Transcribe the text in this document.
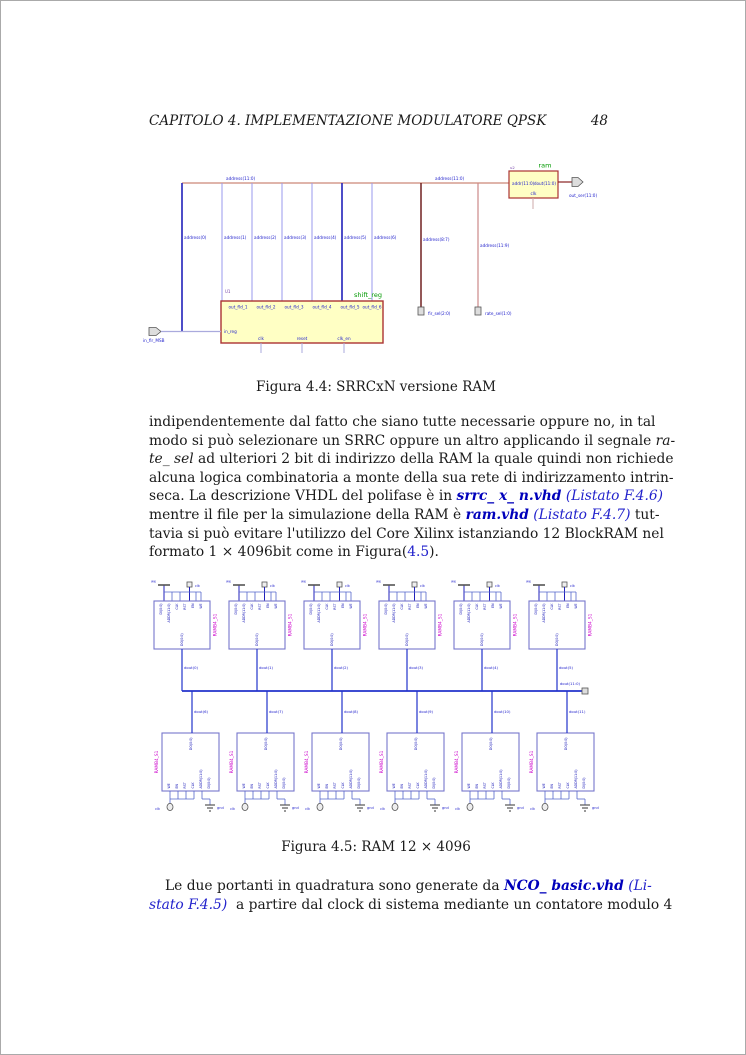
CAPITOLO 4. IMPLEMENTAZIONE MODULATORE QPSK	48
address(11:0)	address(11:0)
address(0)	address(1) address(2) address(3) address(4) address(5) address(6)	address(8:7)
address(11:9)
fir_sel(2:0)	rate_sel(1:0)
ram
u2
addr(11:0) dout(11:0)
clk	out_ser(11:0)
shift_reg
U1
out_fld_1 out_fld_2 out_fld_3 out_fld_4 out_fld_5 out_fld_6
in_reg
clk	reset	clk_en
in_fir_MSB
Figura 4.4: SRRCxN versione RAM
indipendentemente dal fatto che siano tutte necessarie oppure no, in tal
modo si può selezionare un SRRC oppure un altro applicando il segnale ra-
te_ sel ad ulteriori 2 bit di indirizzo della RAM la quale quindi non richiede
alcuna logica combinatoria a monte della sua rete di indirizzamento intrin-
seca. La descrizione VHDL del polifase è in srrc_ x_ n.vhd (Listato F.4.6)
mentre il file per la simulazione della RAM è ram.vhd (Listato F.4.7) tut-
tavia si può evitare l'utilizzo del Core Xilinx istanziando 12 BlockRAM nel
formato 1 × 4096bit come in Figura(4.5).
we
clk
DI(0:0) ADDR(11:0) CLK RST EN WE
RAMB4_S1
DO(0:0)
dout(0)
we
clk
DI(0:0) ADDR(11:0) CLK RST EN WE
RAMB4_S1
DO(0:0)
dout(1)
we
clk
DI(0:0) ADDR(11:0) CLK RST EN WE
RAMB4_S1
DO(0:0)
dout(2)
we
clk
DI(0:0) ADDR(11:0) CLK RST EN WE
RAMB4_S1
DO(0:0)
dout(3)
we
clk
DI(0:0) ADDR(11:0) CLK RST EN WE
RAMB4_S1
DO(0:0)
dout(4)
we
clk
DI(0:0) ADDR(11:0) CLK RST EN WE
RAMB4_S1
DO(0:0)
dout(5)
dout(11:0)
RAMB4_S1
DO(0:0)
WE EN RST CLK ADDR(11:0) DI(0:0)
clk	gnd
dout(6)
RAMB4_S1
DO(0:0)
WE EN RST CLK ADDR(11:0) DI(0:0)
clk	gnd
dout(7)
RAMB4_S1
DO(0:0)
WE EN RST CLK ADDR(11:0) DI(0:0)
clk	gnd
dout(8)
RAMB4_S1
DO(0:0)
WE EN RST CLK ADDR(11:0) DI(0:0)
clk	gnd
dout(9)
RAMB4_S1
DO(0:0)
WE EN RST CLK ADDR(11:0) DI(0:0)
clk	gnd
dout(10)
RAMB4_S1
DO(0:0)
WE EN RST CLK ADDR(11:0) DI(0:0)
clk	gnd
dout(11)
Figura 4.5: RAM 12 × 4096
Le due portanti in quadratura sono generate da NCO_ basic.vhd (Li-
stato F.4.5)  a partire dal clock di sistema mediante un contatore modulo 4
